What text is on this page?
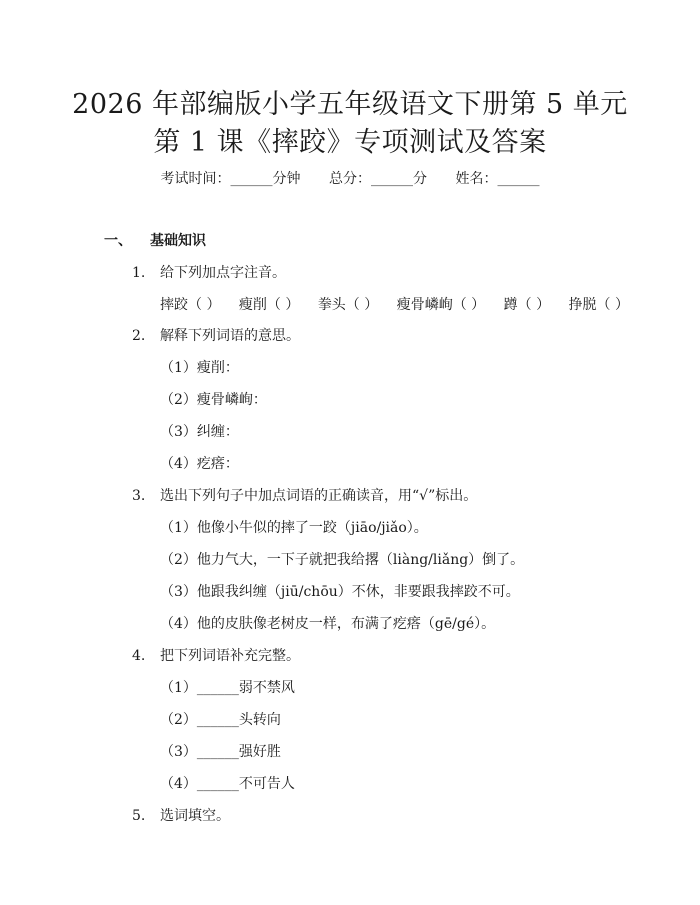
2026 年部编版小学五年级语文下册第 5 单元
第 1 课《摔跤》专项测试及答案
考试时间：______分钟 总分：______分 姓名：______
一、 基础知识
1. 给下列加点字注音。
摔跤（ ） 瘦削（ ） 拳头（ ） 瘦骨嶙峋（ ） 蹲（ ） 挣脱（ ）
2. 解释下列词语的意思。
（1）瘦削：
（2）瘦骨嶙峋：
（3）纠缠：
（4）疙瘩：
3. 选出下列句子中加点词语的正确读音，用“√”标出。
（1）他像小牛似的摔了一跤（jiāo/jiǎo）。
（2）他力气大，一下子就把我给撂（liàng/liǎng）倒了。
（3）他跟我纠缠（jiū/chōu）不休，非要跟我摔跤不可。
（4）他的皮肤像老树皮一样，布满了疙瘩（gē/gé）。
4. 把下列词语补充完整。
（1）______弱不禁风
（2）______头转向
（3）______强好胜
（4）______不可告人
5. 选词填空。
